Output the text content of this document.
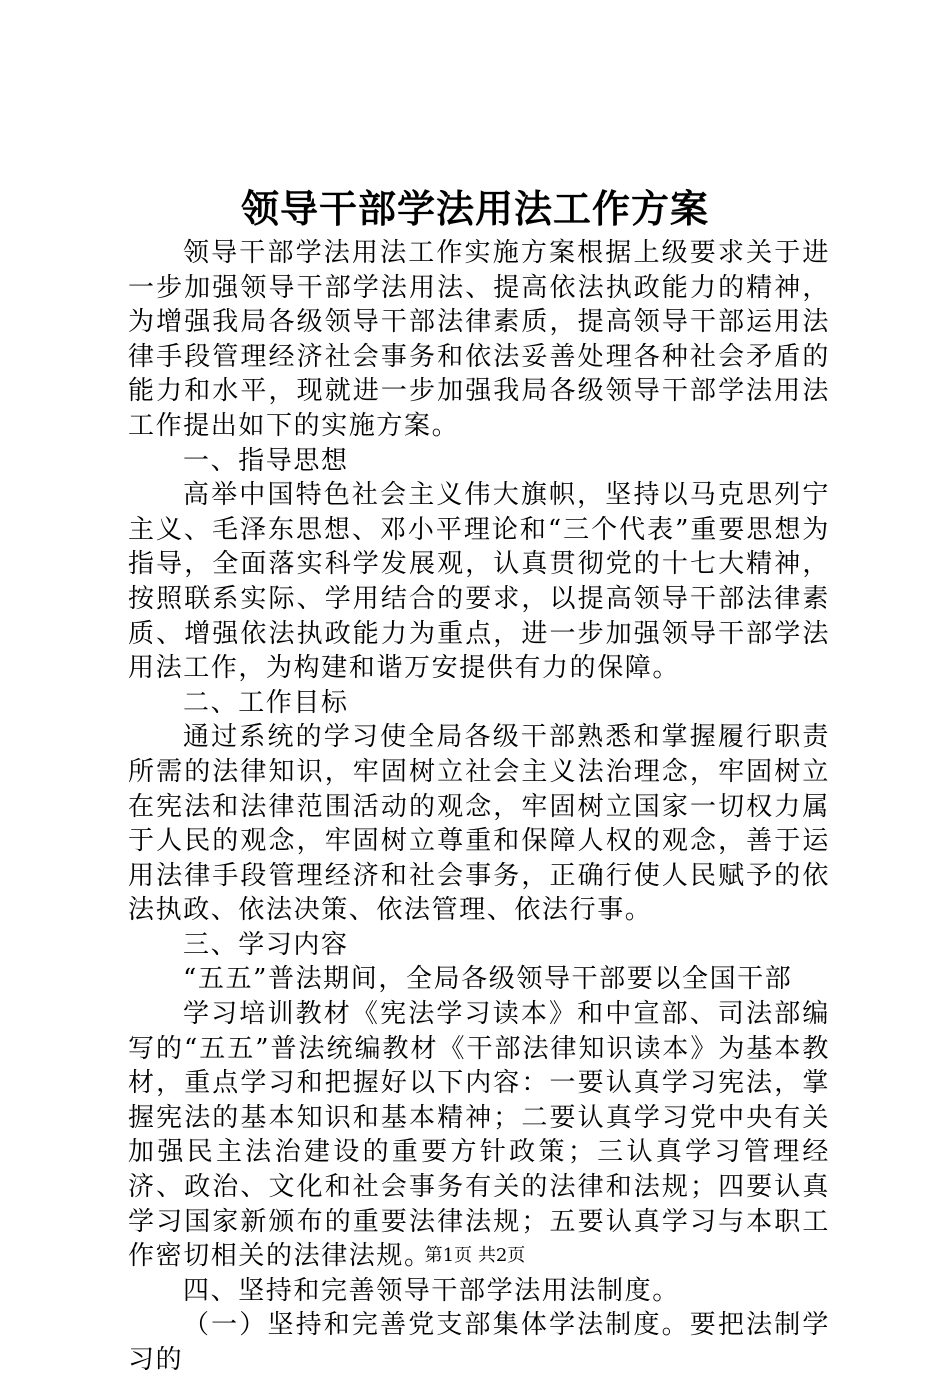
领导干部学法用法工作方案

领导干部学法用法工作实施方案根据上级要求关于进一步加强领导干部学法用法、提高依法执政能力的精神，为增强我局各级领导干部法律素质，提高领导干部运用法律手段管理经济社会事务和依法妥善处理各种社会矛盾的能力和水平，现就进一步加强我局各级领导干部学法用法工作提出如下的实施方案。

一、指导思想

高举中国特色社会主义伟大旗帜，坚持以马克思列宁主义、毛泽东思想、邓小平理论和“三个代表”重要思想为指导，全面落实科学发展观，认真贯彻党的十七大精神，按照联系实际、学用结合的要求，以提高领导干部法律素质、增强依法执政能力为重点，进一步加强领导干部学法用法工作，为构建和谐万安提供有力的保障。

二、工作目标

通过系统的学习使全局各级干部熟悉和掌握履行职责所需的法律知识，牢固树立社会主义法治理念，牢固树立在宪法和法律范围活动的观念，牢固树立国家一切权力属于人民的观念，牢固树立尊重和保障人权的观念，善于运用法律手段管理经济和社会事务，正确行使人民赋予的依法执政、依法决策、依法管理、依法行事。

三、学习内容

“五五”普法期间，全局各级领导干部要以全国干部

学习培训教材《宪法学习读本》和中宣部、司法部编写的“五五”普法统编教材《干部法律知识读本》为基本教材，重点学习和把握好以下内容：一要认真学习宪法，掌握宪法的基本知识和基本精神；二要认真学习党中央有关加强民主法治建设的重要方针政策；三认真学习管理经济、政治、文化和社会事务有关的法律和法规；四要认真学习国家新颁布的重要法律法规；五要认真学习与本职工作密切相关的法律法规。

四、坚持和完善领导干部学法用法制度。

（一）坚持和完善党支部集体学法制度。要把法制学习的

第1页 共2页
